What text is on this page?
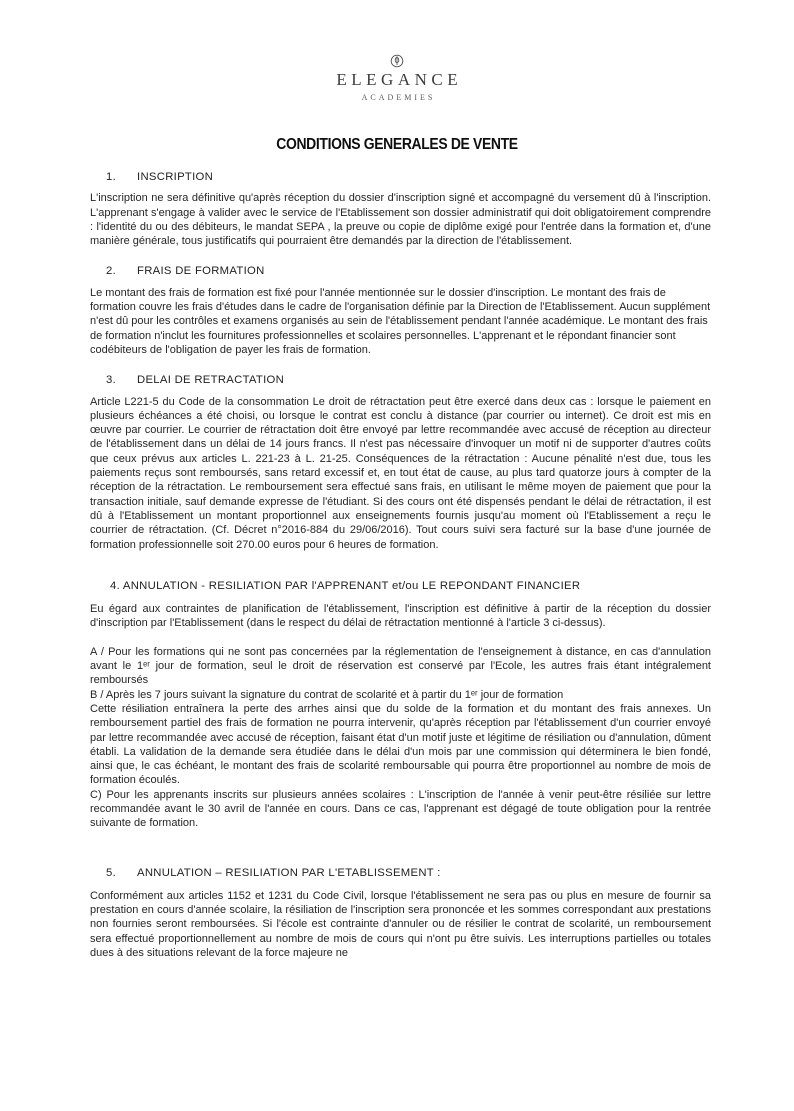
ELEGANCE
ACADEMIES
CONDITIONS GENERALES DE VENTE
1. INSCRIPTION

L'inscription ne sera définitive qu'après réception du dossier d'inscription signé et accompagné du versement dû à l'inscription. L'apprenant s'engage à valider avec le service de l'Etablissement son dossier administratif qui doit obligatoirement comprendre : l'identité du ou des débiteurs, le mandat SEPA , la preuve ou copie de diplôme exigé pour l'entrée dans la formation et, d'une manière générale, tous justificatifs qui pourraient être demandés par la direction de l'établissement.

2. FRAIS DE FORMATION

Le montant des frais de formation est fixé pour l'année mentionnée sur le dossier d'inscription. Le montant des frais de formation couvre les frais d'études dans le cadre de l'organisation définie par la Direction de l'Etablissement. Aucun supplément n'est dû pour les contrôles et examens organisés au sein de l'établissement pendant l'année académique. Le montant des frais de formation n'inclut les fournitures professionnelles et scolaires personnelles. L'apprenant et le répondant financier sont codébiteurs de l'obligation de payer les frais de formation.

3. DELAI DE RETRACTATION

Article L221-5 du Code de la consommation Le droit de rétractation peut être exercé dans deux cas : lorsque le paiement en plusieurs échéances a été choisi, ou lorsque le contrat est conclu à distance (par courrier ou internet). Ce droit est mis en œuvre par courrier. Le courrier de rétractation doit être envoyé par lettre recommandée avec accusé de réception au directeur de l'établissement dans un délai de 14 jours francs. Il n'est pas nécessaire d'invoquer un motif ni de supporter d'autres coûts que ceux prévus aux articles L. 221-23 à L. 21-25. Conséquences de la rétractation : Aucune pénalité n'est due, tous les paiements reçus sont remboursés, sans retard excessif et, en tout état de cause, au plus tard quatorze jours à compter de la réception de la rétractation. Le remboursement sera effectué sans frais, en utilisant le même moyen de paiement que pour la transaction initiale, sauf demande expresse de l'étudiant. Si des cours ont été dispensés pendant le délai de rétractation, il est dû à l'Etablissement un montant proportionnel aux enseignements fournis jusqu'au moment où l'Etablissement a reçu le courrier de rétractation. (Cf. Décret n°2016-884 du 29/06/2016). Tout cours suivi sera facturé sur la base d'une journée de formation professionnelle soit 270.00 euros pour 6 heures de formation.

4. ANNULATION - RESILIATION PAR l'APPRENANT et/ou LE REPONDANT FINANCIER

Eu égard aux contraintes de planification de l'établissement, l'inscription est définitive à partir de la réception du dossier d'inscription par l'Etablissement (dans le respect du délai de rétractation mentionné à l'article 3 ci-dessus).

A / Pour les formations qui ne sont pas concernées par la réglementation de l'enseignement à distance, en cas d'annulation avant le 1ᵉʳ jour de formation, seul le droit de réservation est conservé par l'Ecole, les autres frais étant intégralement remboursés
B / Après les 7 jours suivant la signature du contrat de scolarité et à partir du 1ᵉʳ jour de formation
Cette résiliation entraînera la perte des arrhes ainsi que du solde de la formation et du montant des frais annexes. Un remboursement partiel des frais de formation ne pourra intervenir, qu'après réception par l'établissement d'un courrier envoyé par lettre recommandée avec accusé de réception, faisant état d'un motif juste et légitime de résiliation ou d'annulation, dûment établi. La validation de la demande sera étudiée dans le délai d'un mois par une commission qui déterminera le bien fondé, ainsi que, le cas échéant, le montant des frais de scolarité remboursable qui pourra être proportionnel au nombre de mois de formation écoulés.
C) Pour les apprenants inscrits sur plusieurs années scolaires : L'inscription de l'année à venir peut-être résiliée sur lettre recommandée avant le 30 avril de l'année en cours. Dans ce cas, l'apprenant est dégagé de toute obligation pour la rentrée suivante de formation.
5. ANNULATION – RESILIATION PAR L'ETABLISSEMENT :

Conformément aux articles 1152 et 1231 du Code Civil, lorsque l'établissement ne sera pas ou plus en mesure de fournir sa prestation en cours d'année scolaire, la résiliation de l'inscription sera prononcée et les sommes correspondant aux prestations non fournies seront remboursées. Si l'école est contrainte d'annuler ou de résilier le contrat de scolarité, un remboursement sera effectué proportionnellement au nombre de mois de cours qui n'ont pu être suivis. Les interruptions partielles ou totales dues à des situations relevant de la force majeure ne
